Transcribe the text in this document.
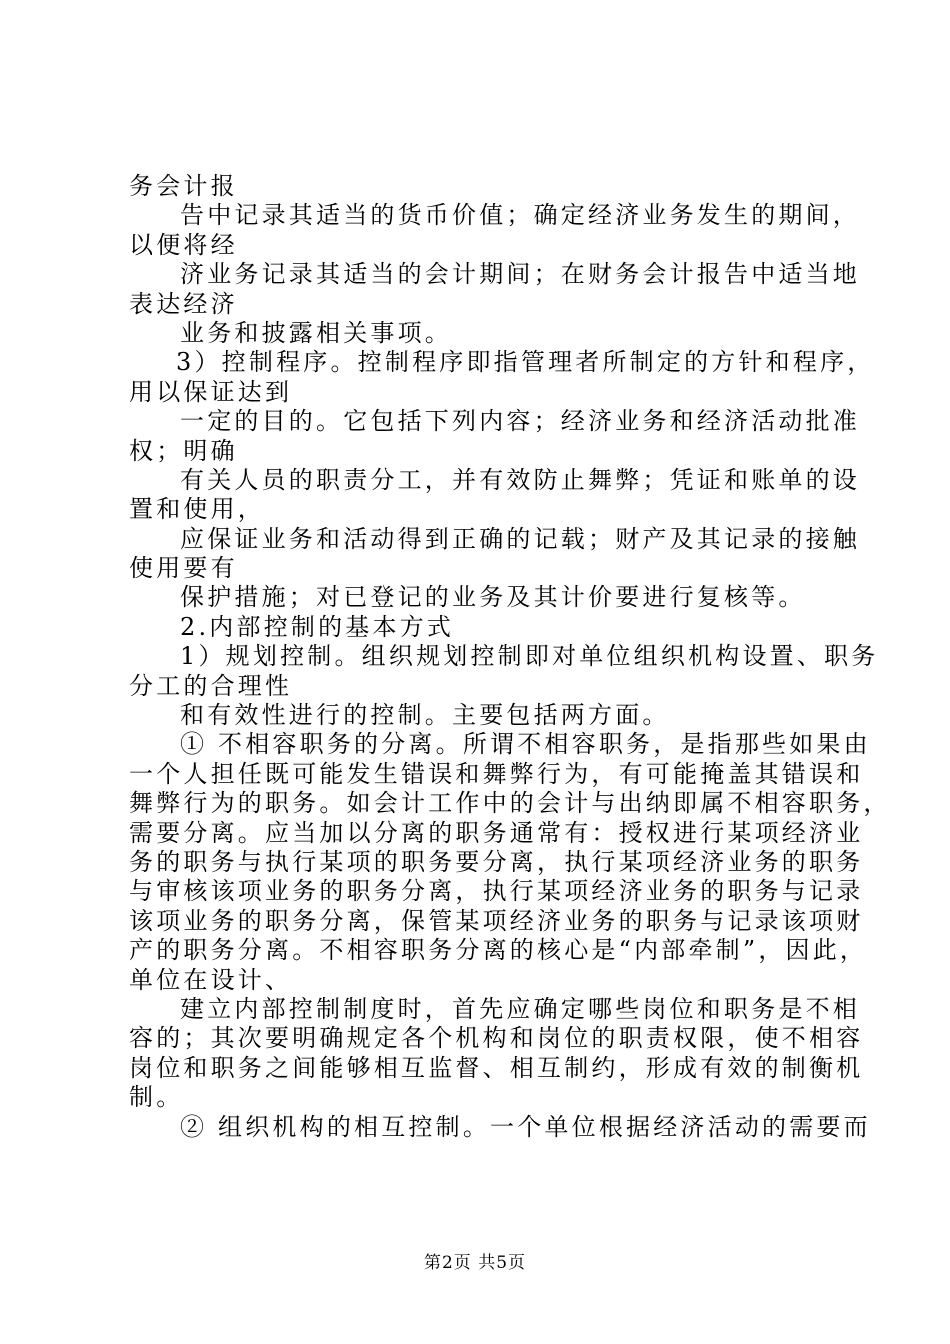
务会计报
告中记录其适当的货币价值；确定经济业务发生的期间，
以便将经
济业务记录其适当的会计期间；在财务会计报告中适当地
表达经济
业务和披露相关事项。
3）控制程序。控制程序即指管理者所制定的方针和程序，
用以保证达到
一定的目的。它包括下列内容；经济业务和经济活动批准
权；明确
有关人员的职责分工，并有效防止舞弊；凭证和账单的设
置和使用，
应保证业务和活动得到正确的记载；财产及其记录的接触
使用要有
保护措施；对已登记的业务及其计价要进行复核等。
2.内部控制的基本方式
1）规划控制。组织规划控制即对单位组织机构设置、职务
分工的合理性
和有效性进行的控制。主要包括两方面。
① 不相容职务的分离。所谓不相容职务，是指那些如果由
一个人担任既可能发生错误和舞弊行为，有可能掩盖其错误和
舞弊行为的职务。如会计工作中的会计与出纳即属不相容职务，
需要分离。应当加以分离的职务通常有：授权进行某项经济业
务的职务与执行某项的职务要分离，执行某项经济业务的职务
与审核该项业务的职务分离，执行某项经济业务的职务与记录
该项业务的职务分离，保管某项经济业务的职务与记录该项财
产的职务分离。不相容职务分离的核心是“内部牵制”，因此，
单位在设计、
建立内部控制制度时，首先应确定哪些岗位和职务是不相
容的；其次要明确规定各个机构和岗位的职责权限，使不相容
岗位和职务之间能够相互监督、相互制约，形成有效的制衡机
制。
② 组织机构的相互控制。一个单位根据经济活动的需要而
第2页 共5页
